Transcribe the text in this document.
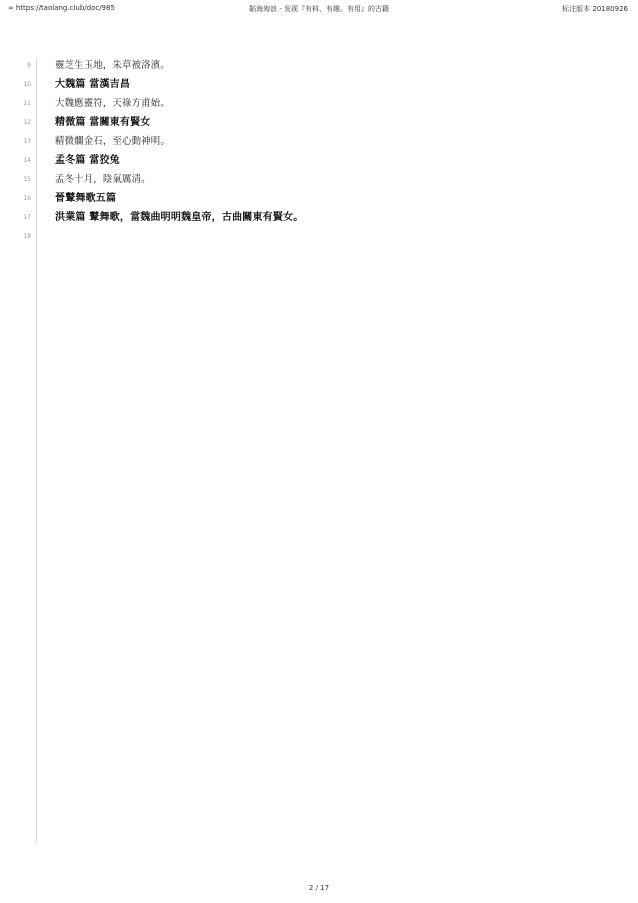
∞ https://taolang.club/doc/985	韜海淘浪 - 发现『有料、有趣、有用』的古籍	标注版本 20180926
9	靈芝生玉地，朱草被洛濱。
10 大魏篇 當漢吉昌
11	大魏應靈符，天祿方甫始。
12 精微篇 當關東有賢女
13	精微爛金石，至心動神明。
14 孟冬篇 當狡兔
15	孟冬十月，陰氣厲清。
16 晉鼙舞歌五篇
17 洪業篇 鼙舞歌，當魏曲明明魏皇帝，古曲關東有賢女。
18
2 / 17
